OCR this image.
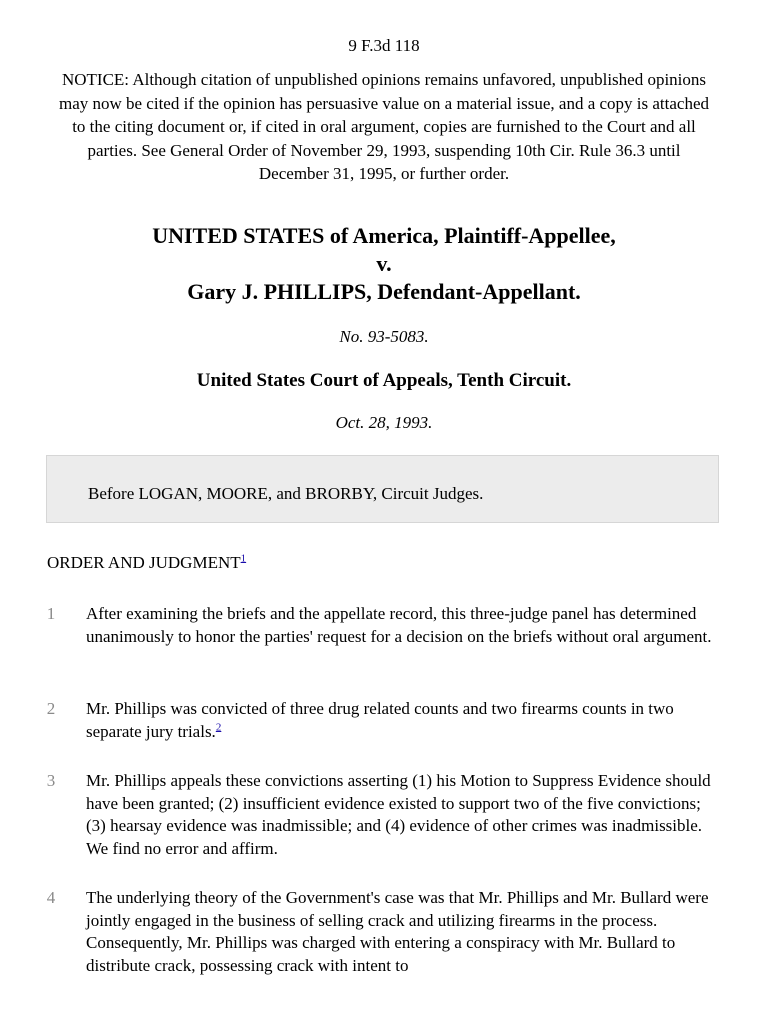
9 F.3d 118
NOTICE: Although citation of unpublished opinions remains unfavored, unpublished opinions may now be cited if the opinion has persuasive value on a material issue, and a copy is attached to the citing document or, if cited in oral argument, copies are furnished to the Court and all parties. See General Order of November 29, 1993, suspending 10th Cir. Rule 36.3 until December 31, 1995, or further order.
UNITED STATES of America, Plaintiff-Appellee,
v.
Gary J. PHILLIPS, Defendant-Appellant.
No. 93-5083.
United States Court of Appeals, Tenth Circuit.
Oct. 28, 1993.
Before LOGAN, MOORE, and BRORBY, Circuit Judges.
ORDER AND JUDGMENT$^1$
1 After examining the briefs and the appellate record, this three-judge panel has determined unanimously to honor the parties' request for a decision on the briefs without oral argument.
2 Mr. Phillips was convicted of three drug related counts and two firearms counts in two separate jury trials.$^2$
3 Mr. Phillips appeals these convictions asserting (1) his Motion to Suppress Evidence should have been granted; (2) insufficient evidence existed to support two of the five convictions; (3) hearsay evidence was inadmissible; and (4) evidence of other crimes was inadmissible. We find no error and affirm.
4 The underlying theory of the Government's case was that Mr. Phillips and Mr. Bullard were jointly engaged in the business of selling crack and utilizing firearms in the process. Consequently, Mr. Phillips was charged with entering a conspiracy with Mr. Bullard to distribute crack, possessing crack with intent to
